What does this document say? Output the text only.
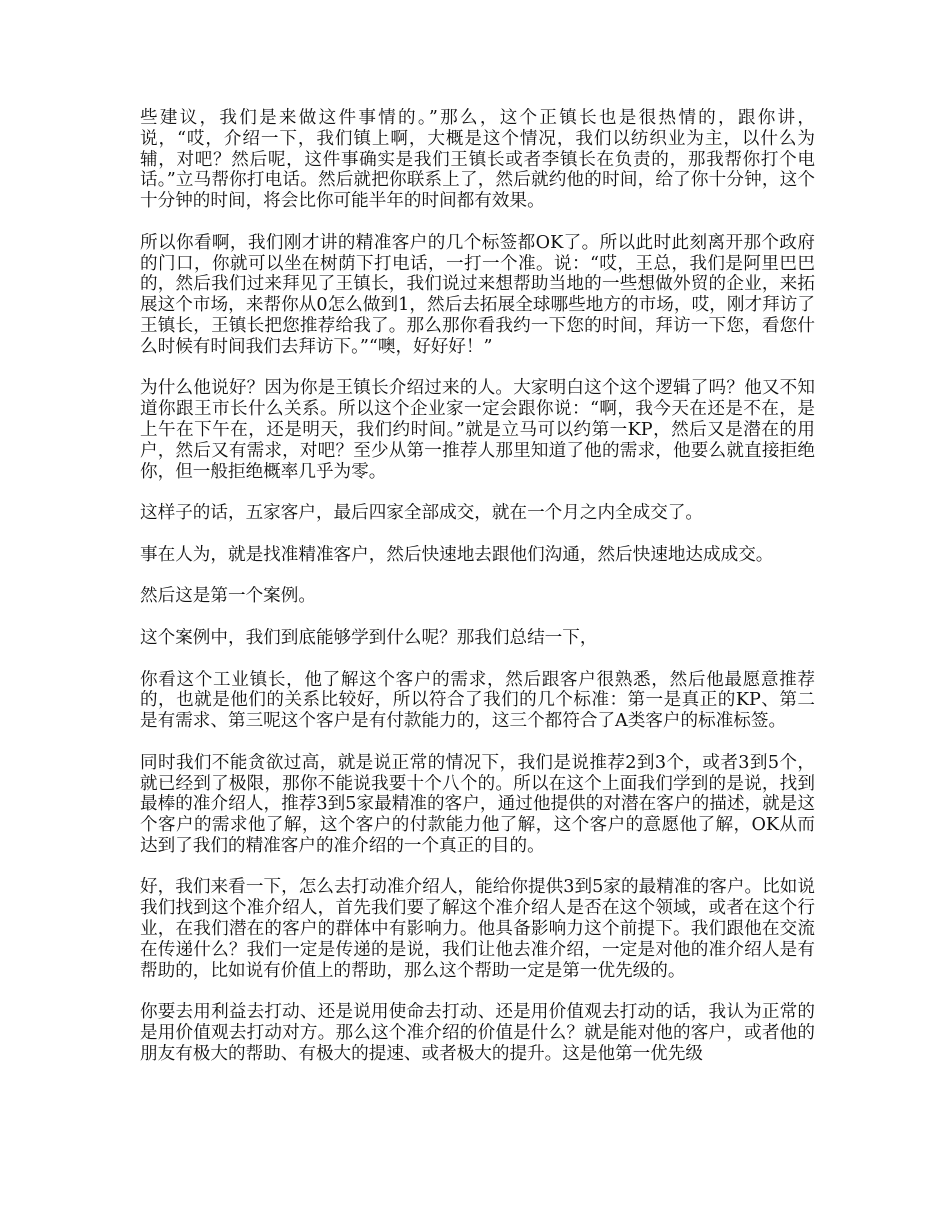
些建议，我们是来做这件事情的。”那么，这个正镇长也是很热情的，跟你讲，说，“哎，介绍一下，我们镇上啊，大概是这个情况，我们以纺织业为主，以什么为辅，对吧？然后呢，这件事确实是我们王镇长或者李镇长在负责的，那我帮你打个电话。”立马帮你打电话。然后就把你联系上了，然后就约他的时间，给了你十分钟，这个十分钟的时间，将会比你可能半年的时间都有效果。

所以你看啊，我们刚才讲的精准客户的几个标签都OK了。所以此时此刻离开那个政府的门口，你就可以坐在树荫下打电话，一打一个准。说：“哎，王总，我们是阿里巴巴的，然后我们过来拜见了王镇长，我们说过来想帮助当地的一些想做外贸的企业，来拓展这个市场，来帮你从0怎么做到1，然后去拓展全球哪些地方的市场，哎，刚才拜访了王镇长，王镇长把您推荐给我了。那么那你看我约一下您的时间，拜访一下您，看您什么时候有时间我们去拜访下。”“噢，好好好！”

为什么他说好？因为你是王镇长介绍过来的人。大家明白这个这个逻辑了吗？他又不知道你跟王市长什么关系。所以这个企业家一定会跟你说：“啊，我今天在还是不在，是上午在下午在，还是明天，我们约时间。”就是立马可以约第一KP，然后又是潜在的用户，然后又有需求，对吧？至少从第一推荐人那里知道了他的需求，他要么就直接拒绝你，但一般拒绝概率几乎为零。

这样子的话，五家客户，最后四家全部成交，就在一个月之内全成交了。

事在人为，就是找准精准客户，然后快速地去跟他们沟通，然后快速地达成成交。

然后这是第一个案例。

这个案例中，我们到底能够学到什么呢？那我们总结一下，

你看这个工业镇长，他了解这个客户的需求，然后跟客户很熟悉，然后他最愿意推荐的，也就是他们的关系比较好，所以符合了我们的几个标准：第一是真正的KP、第二是有需求、第三呢这个客户是有付款能力的，这三个都符合了A类客户的标准标签。

同时我们不能贪欲过高，就是说正常的情况下，我们是说推荐2到3个，或者3到5个，就已经到了极限，那你不能说我要十个八个的。所以在这个上面我们学到的是说，找到最棒的准介绍人，推荐3到5家最精准的客户，通过他提供的对潜在客户的描述，就是这个客户的需求他了解，这个客户的付款能力他了解，这个客户的意愿他了解，OK从而达到了我们的精准客户的准介绍的一个真正的目的。

好，我们来看一下，怎么去打动准介绍人，能给你提供3到5家的最精准的客户。比如说我们找到这个准介绍人，首先我们要了解这个准介绍人是否在这个领域，或者在这个行业，在我们潜在的客户的群体中有影响力。他具备影响力这个前提下。我们跟他在交流在传递什么？我们一定是传递的是说，我们让他去准介绍，一定是对他的准介绍人是有帮助的，比如说有价值上的帮助，那么这个帮助一定是第一优先级的。

你要去用利益去打动、还是说用使命去打动、还是用价值观去打动的话，我认为正常的是用价值观去打动对方。那么这个准介绍的价值是什么？就是能对他的客户，或者他的朋友有极大的帮助、有极大的提速、或者极大的提升。这是他第一优先级
